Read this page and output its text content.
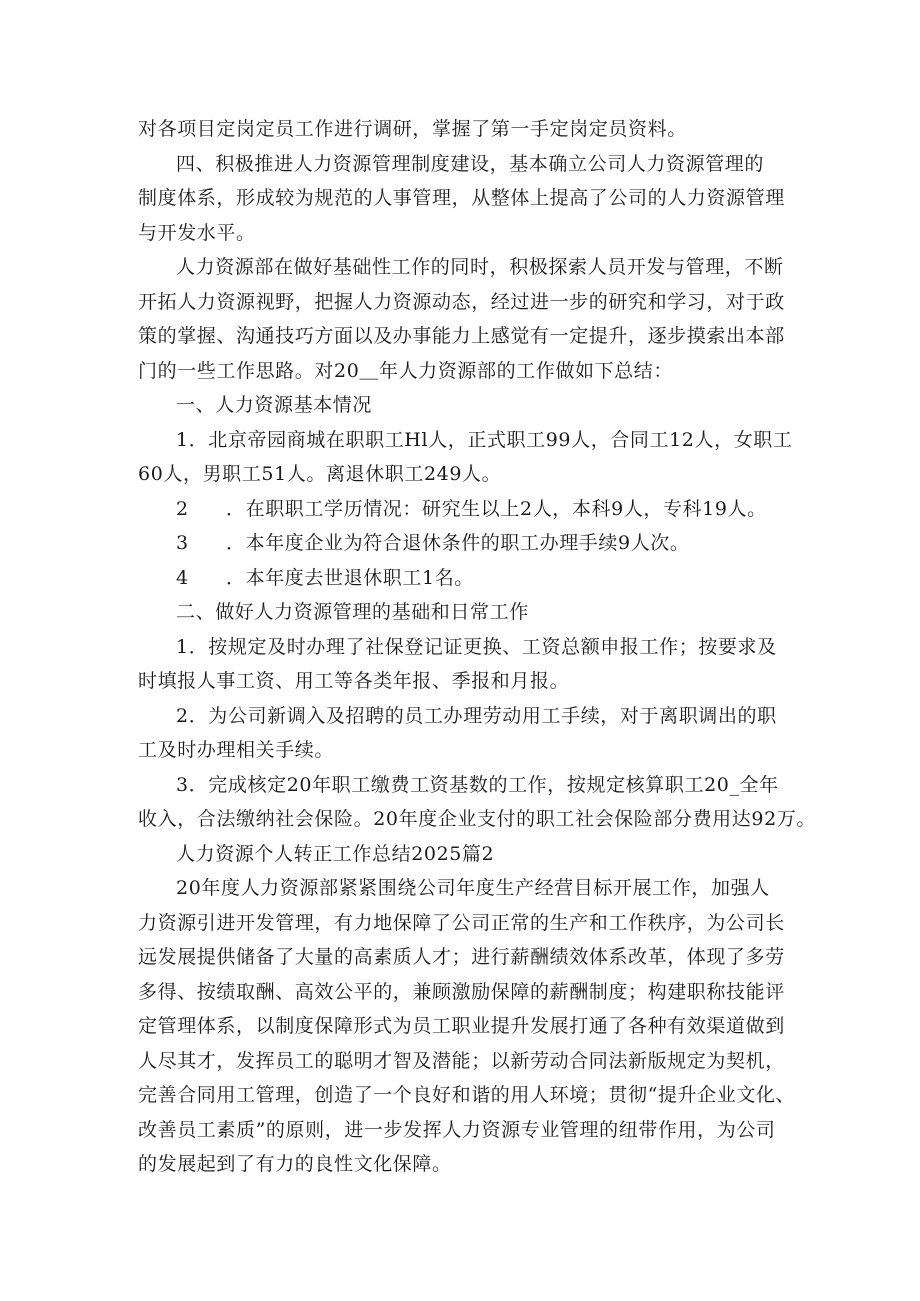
对各项目定岗定员工作进行调研，掌握了第一手定岗定员资料。
四、积极推进人力资源管理制度建设，基本确立公司人力资源管理的
制度体系，形成较为规范的人事管理，从整体上提高了公司的人力资源管理
与开发水平。
人力资源部在做好基础性工作的同时，积极探索人员开发与管理，不断
开拓人力资源视野，把握人力资源动态，经过进一步的研究和学习，对于政
策的掌握、沟通技巧方面以及办事能力上感觉有一定提升，逐步摸索出本部
门的一些工作思路。对20＿年人力资源部的工作做如下总结：
一、人力资源基本情况
1．北京帝园商城在职职工Hl人，正式职工99人，合同工12人，女职工
60人，男职工51人。离退休职工249人。
2 ．在职职工学历情况：研究生以上2人，本科9人，专科19人。
3 ．本年度企业为符合退休条件的职工办理手续9人次。
4 ．本年度去世退休职工1名。
二、做好人力资源管理的基础和日常工作
1．按规定及时办理了社保登记证更换、工资总额申报工作；按要求及
时填报人事工资、用工等各类年报、季报和月报。
2．为公司新调入及招聘的员工办理劳动用工手续，对于离职调出的职
工及时办理相关手续。
3．完成核定20年职工缴费工资基数的工作，按规定核算职工20_全年
收入，合法缴纳社会保险。20年度企业支付的职工社会保险部分费用达92万。
人力资源个人转正工作总结2025篇2
20年度人力资源部紧紧围绕公司年度生产经营目标开展工作，加强人
力资源引进开发管理，有力地保障了公司正常的生产和工作秩序，为公司长
远发展提供储备了大量的高素质人才；进行薪酬绩效体系改革，体现了多劳
多得、按绩取酬、高效公平的，兼顾激励保障的薪酬制度；构建职称技能评
定管理体系，以制度保障形式为员工职业提升发展打通了各种有效渠道做到
人尽其才，发挥员工的聪明才智及潜能；以新劳动合同法新版规定为契机，
完善合同用工管理，创造了一个良好和谐的用人环境；贯彻“提升企业文化、
改善员工素质”的原则，进一步发挥人力资源专业管理的纽带作用，为公司
的发展起到了有力的良性文化保障。
